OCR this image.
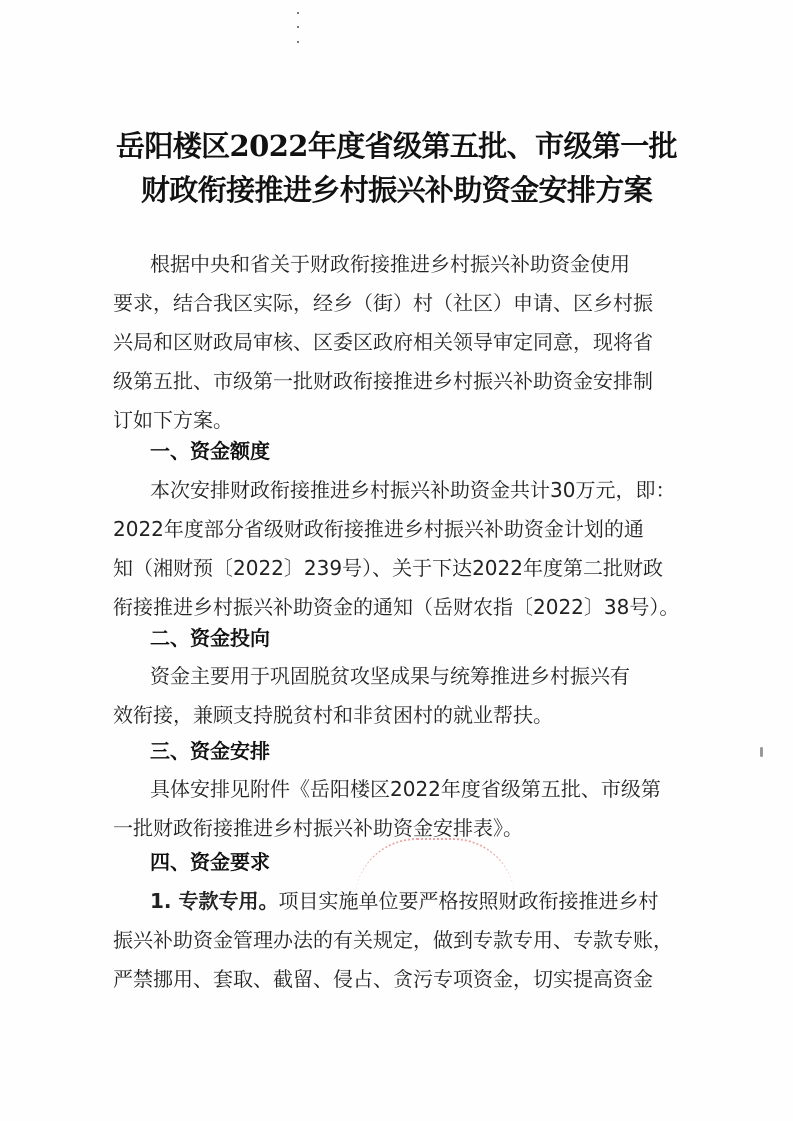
岳阳楼区2022年度省级第五批、市级第一批
财政衔接推进乡村振兴补助资金安排方案
根据中央和省关于财政衔接推进乡村振兴补助资金使用
要求，结合我区实际，经乡（街）村（社区）申请、区乡村振
兴局和区财政局审核、区委区政府相关领导审定同意，现将省
级第五批、市级第一批财政衔接推进乡村振兴补助资金安排制
订如下方案。
一、资金额度
本次安排财政衔接推进乡村振兴补助资金共计30万元，即：
2022年度部分省级财政衔接推进乡村振兴补助资金计划的通
知（湘财预〔2022〕239号）、关于下达2022年度第二批财政
衔接推进乡村振兴补助资金的通知（岳财农指〔2022〕38号）。
二、资金投向
资金主要用于巩固脱贫攻坚成果与统筹推进乡村振兴有
效衔接，兼顾支持脱贫村和非贫困村的就业帮扶。
三、资金安排
具体安排见附件《岳阳楼区2022年度省级第五批、市级第
一批财政衔接推进乡村振兴补助资金安排表》。
四、资金要求
1. 专款专用。项目实施单位要严格按照财政衔接推进乡村
振兴补助资金管理办法的有关规定，做到专款专用、专款专账，
严禁挪用、套取、截留、侵占、贪污专项资金，切实提高资金
